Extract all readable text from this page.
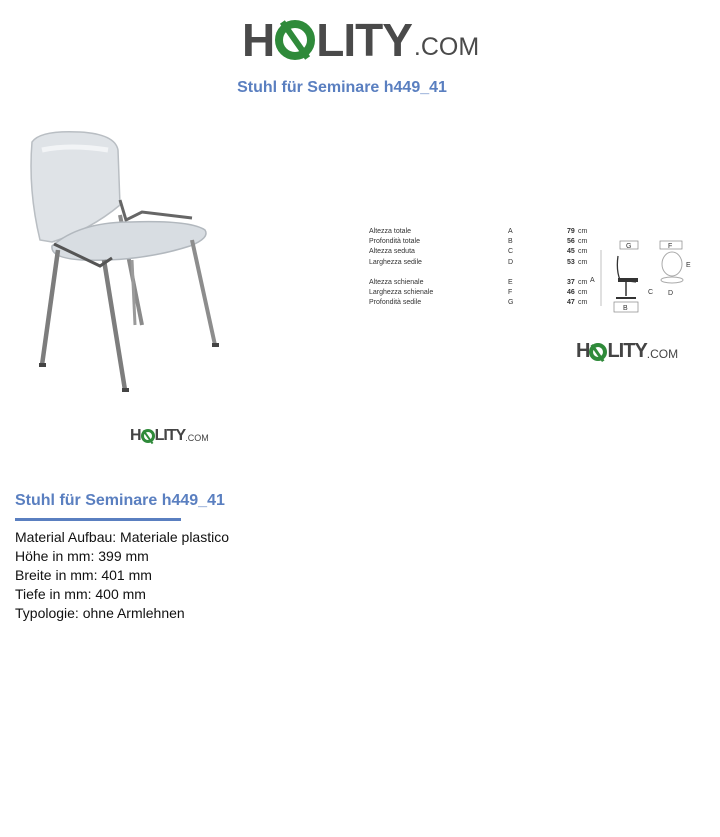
H LITY .COM
Stuhl für Seminare h449_41
H LITY .COM
Altezza totale	A	79 cm
Profondità totale	B	56 cm
Altezza seduta	C	45 cm
Larghezza sedile	D	53 cm
Altezza schienale	E	37 cm
Larghezza schienale	F	46 cm
Profondità sedile	G	47 cm
G	F
A
B
C
E
D
H LITY .COM
Stuhl für Seminare h449_41
Material Aufbau: Materiale plastico
Höhe in mm: 399 mm
Breite in mm: 401 mm
Tiefe in mm: 400 mm
Typologie: ohne Armlehnen
